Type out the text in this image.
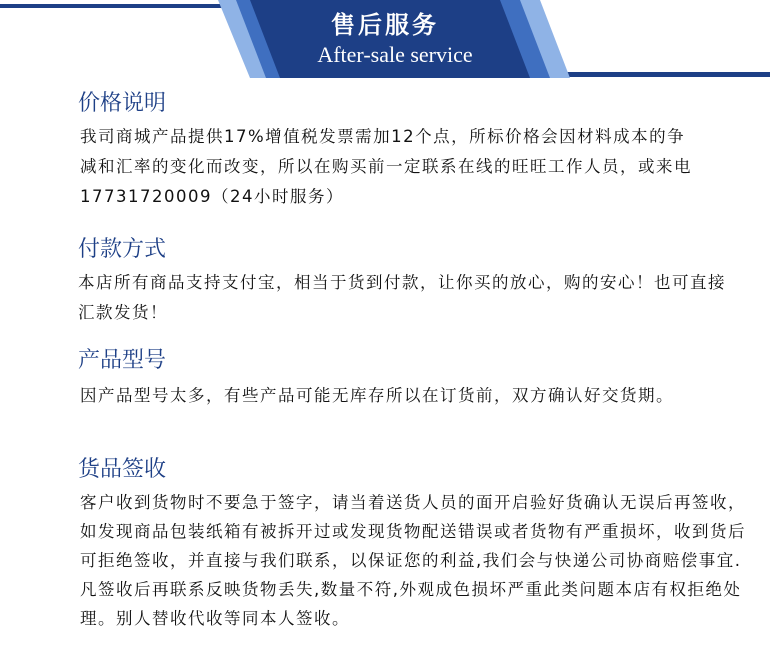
售后服务
After-sale service
价格说明

我司商城产品提供17%增值税发票需加12个点，所标价格会因材料成本的争减和汇率的变化而改变，所以在购买前一定联系在线的旺旺工作人员，或来电17731720009（24小时服务）

付款方式

本店所有商品支持支付宝，相当于货到付款，让你买的放心，购的安心！也可直接汇款发货！

产品型号

因产品型号太多，有些产品可能无库存所以在订货前，双方确认好交货期。

货品签收

客户收到货物时不要急于签字，请当着送货人员的面开启验好货确认无误后再签收，如发现商品包装纸箱有被拆开过或发现货物配送错误或者货物有严重损坏，收到货后可拒绝签收，并直接与我们联系，以保证您的利益,我们会与快递公司协商赔偿事宜.凡签收后再联系反映货物丢失,数量不符,外观成色损坏严重此类问题本店有权拒绝处理。别人替收代收等同本人签收。
